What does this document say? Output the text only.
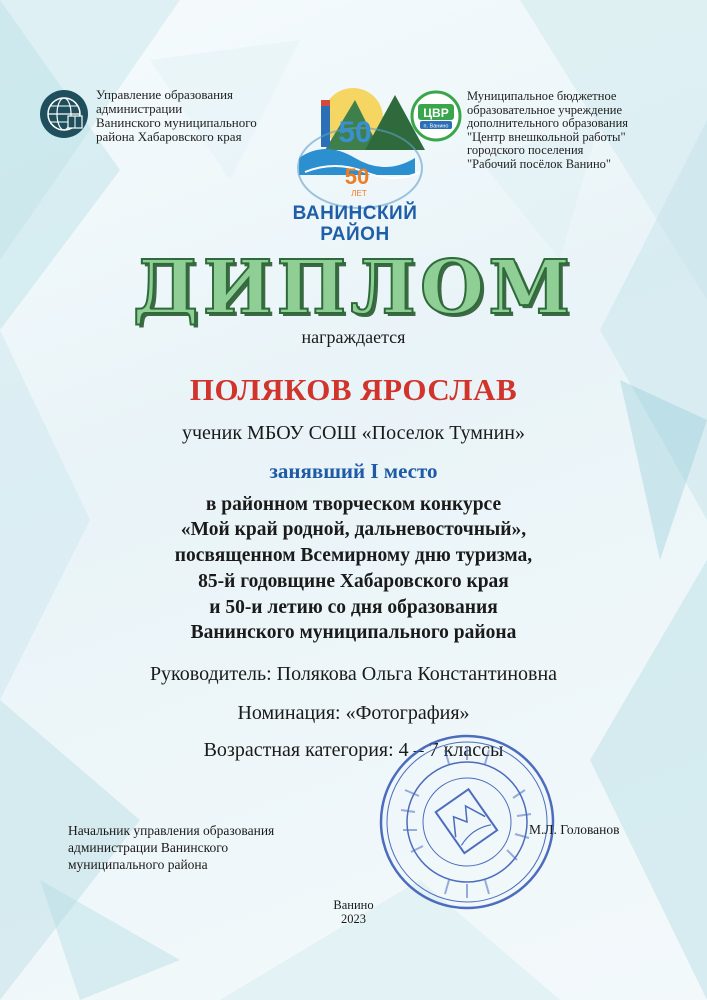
Управление образования
администрации
Ванинского муниципального
района Хабаровского края	50
50
ЛЕТ
ВАНИНСКИЙ
РАЙОН
ЦВР
п. Ванино
Муниципальное бюджетное
образовательное учреждение
дополнительного образования
"Центр внешкольной работы"
городского поселения
"Рабочий посёлок Ванино"
ДИПЛОМ
награждается
ПОЛЯКОВ ЯРОСЛАВ
ученик МБОУ СОШ «Поселок Тумнин»
занявший I место
в районном творческом конкурсе
«Мой край родной, дальневосточный»,
посвященном Всемирному дню туризма,
85-й годовщине Хабаровского края
и 50-и летию со дня образования
Ванинского муниципального района
Руководитель: Полякова Ольга Константиновна
Номинация: «Фотография»
Возрастная категория: 4 – 7 классы
Начальник управления образования
администрации Ванинского
муниципального района
М.Л. Голованов
Ванино
2023
